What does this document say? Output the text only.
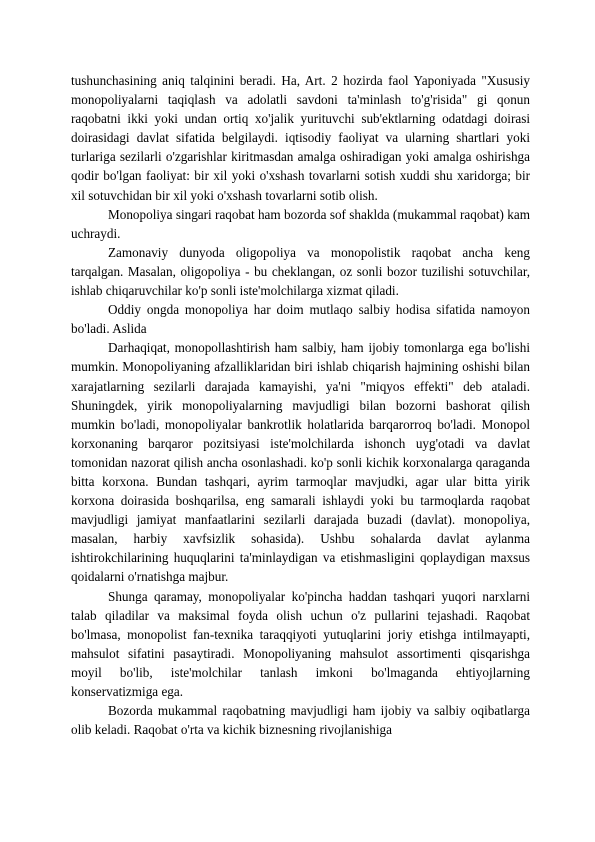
tushunchasining aniq talqinini beradi. Ha, Art. 2 hozirda faol Yaponiyada "Xususiy monopoliyalarni taqiqlash va adolatli savdoni ta'minlash to'g'risida" gi qonun raqobatni ikki yoki undan ortiq xo'jalik yurituvchi sub'ektlarning odatdagi doirasi doirasidagi davlat sifatida belgilaydi. iqtisodiy faoliyat va ularning shartlari yoki turlariga sezilarli o'zgarishlar kiritmasdan amalga oshiradigan yoki amalga oshirishga qodir bo'lgan faoliyat: bir xil yoki o'xshash tovarlarni sotish xuddi shu xaridorga; bir xil sotuvchidan bir xil yoki o'xshash tovarlarni sotib olish.

Monopoliya singari raqobat ham bozorda sof shaklda (mukammal raqobat) kam uchraydi.

Zamonaviy dunyoda oligopoliya va monopolistik raqobat ancha keng tarqalgan. Masalan, oligopoliya - bu cheklangan, oz sonli bozor tuzilishi sotuvchilar, ishlab chiqaruvchilar ko'p sonli iste'molchilarga xizmat qiladi.

Oddiy ongda monopoliya har doim mutlaqo salbiy hodisa sifatida namoyon bo'ladi. Aslida

Darhaqiqat, monopollashtirish ham salbiy, ham ijobiy tomonlarga ega bo'lishi mumkin. Monopoliyaning afzalliklaridan biri ishlab chiqarish hajmining oshishi bilan xarajatlarning sezilarli darajada kamayishi, ya'ni "miqyos effekti" deb ataladi. Shuningdek, yirik monopoliyalarning mavjudligi bilan bozorni bashorat qilish mumkin bo'ladi, monopoliyalar bankrotlik holatlarida barqarorroq bo'ladi. Monopol korxonaning barqaror pozitsiyasi iste'molchilarda ishonch uyg'otadi va davlat tomonidan nazorat qilish ancha osonlashadi. ko'p sonli kichik korxonalarga qaraganda bitta korxona. Bundan tashqari, ayrim tarmoqlar mavjudki, agar ular bitta yirik korxona doirasida boshqarilsa, eng samarali ishlaydi yoki bu tarmoqlarda raqobat mavjudligi jamiyat manfaatlarini sezilarli darajada buzadi (davlat). monopoliya, masalan, harbiy xavfsizlik sohasida). Ushbu sohalarda davlat aylanma ishtirokchilarining huquqlarini ta'minlaydigan va etishmasligini qoplaydigan maxsus qoidalarni o'rnatishga majbur.

Shunga qaramay, monopoliyalar ko'pincha haddan tashqari yuqori narxlarni talab qiladilar va maksimal foyda olish uchun o'z pullarini tejashadi. Raqobat bo'lmasa, monopolist fan-texnika taraqqiyoti yutuqlarini joriy etishga intilmayapti, mahsulot sifatini pasaytiradi. Monopoliyaning mahsulot assortimenti qisqarishga moyil bo'lib, iste'molchilar tanlash imkoni bo'lmaganda ehtiyojlarning konservatizmiga ega.

Bozorda mukammal raqobatning mavjudligi ham ijobiy va salbiy oqibatlarga olib keladi. Raqobat o'rta va kichik biznesning rivojlanishiga
